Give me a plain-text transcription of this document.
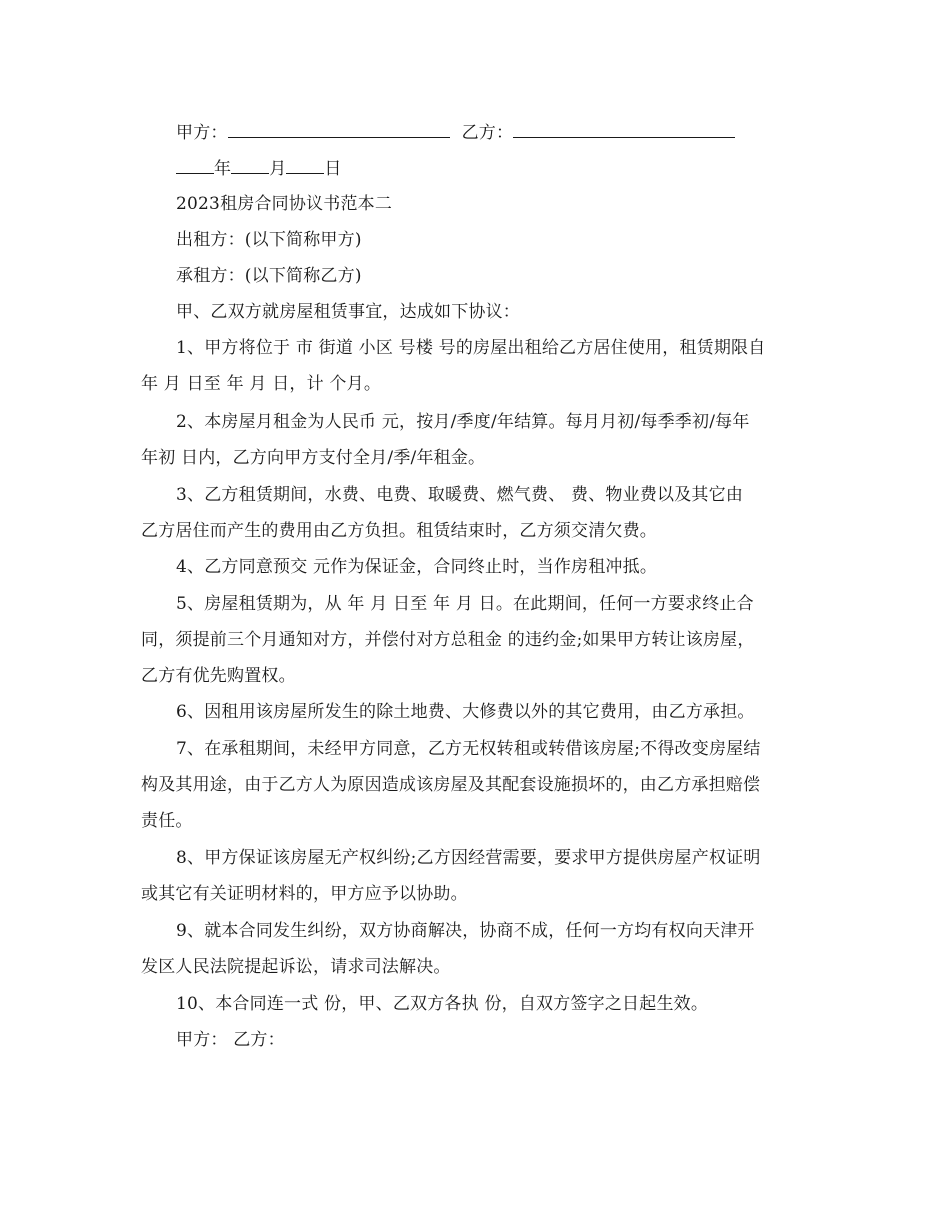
甲方：	乙方：
年 月 日
2023租房合同协议书范本二
出租方：(以下简称甲方)
承租方：(以下简称乙方)
甲、乙双方就房屋租赁事宜，达成如下协议：
1、甲方将位于 市 街道 小区 号楼 号的房屋出租给乙方居住使用，租赁期限自
年 月 日至 年 月 日，计 个月。
2、本房屋月租金为人民币 元，按月/季度/年结算。每月月初/每季季初/每年
年初 日内，乙方向甲方支付全月/季/年租金。
3、乙方租赁期间，水费、电费、取暖费、燃气费、 费、物业费以及其它由
乙方居住而产生的费用由乙方负担。租赁结束时，乙方须交清欠费。
4、乙方同意预交 元作为保证金，合同终止时，当作房租冲抵。
5、房屋租赁期为，从 年 月 日至 年 月 日。在此期间，任何一方要求终止合
同，须提前三个月通知对方，并偿付对方总租金 的违约金;如果甲方转让该房屋，
乙方有优先购置权。
6、因租用该房屋所发生的除土地费、大修费以外的其它费用，由乙方承担。
7、在承租期间，未经甲方同意，乙方无权转租或转借该房屋;不得改变房屋结
构及其用途，由于乙方人为原因造成该房屋及其配套设施损坏的，由乙方承担赔偿
责任。
8、甲方保证该房屋无产权纠纷;乙方因经营需要，要求甲方提供房屋产权证明
或其它有关证明材料的，甲方应予以协助。
9、就本合同发生纠纷，双方协商解决，协商不成，任何一方均有权向天津开
发区人民法院提起诉讼，请求司法解决。
10、本合同连一式 份，甲、乙双方各执 份，自双方签字之日起生效。
甲方： 乙方：
